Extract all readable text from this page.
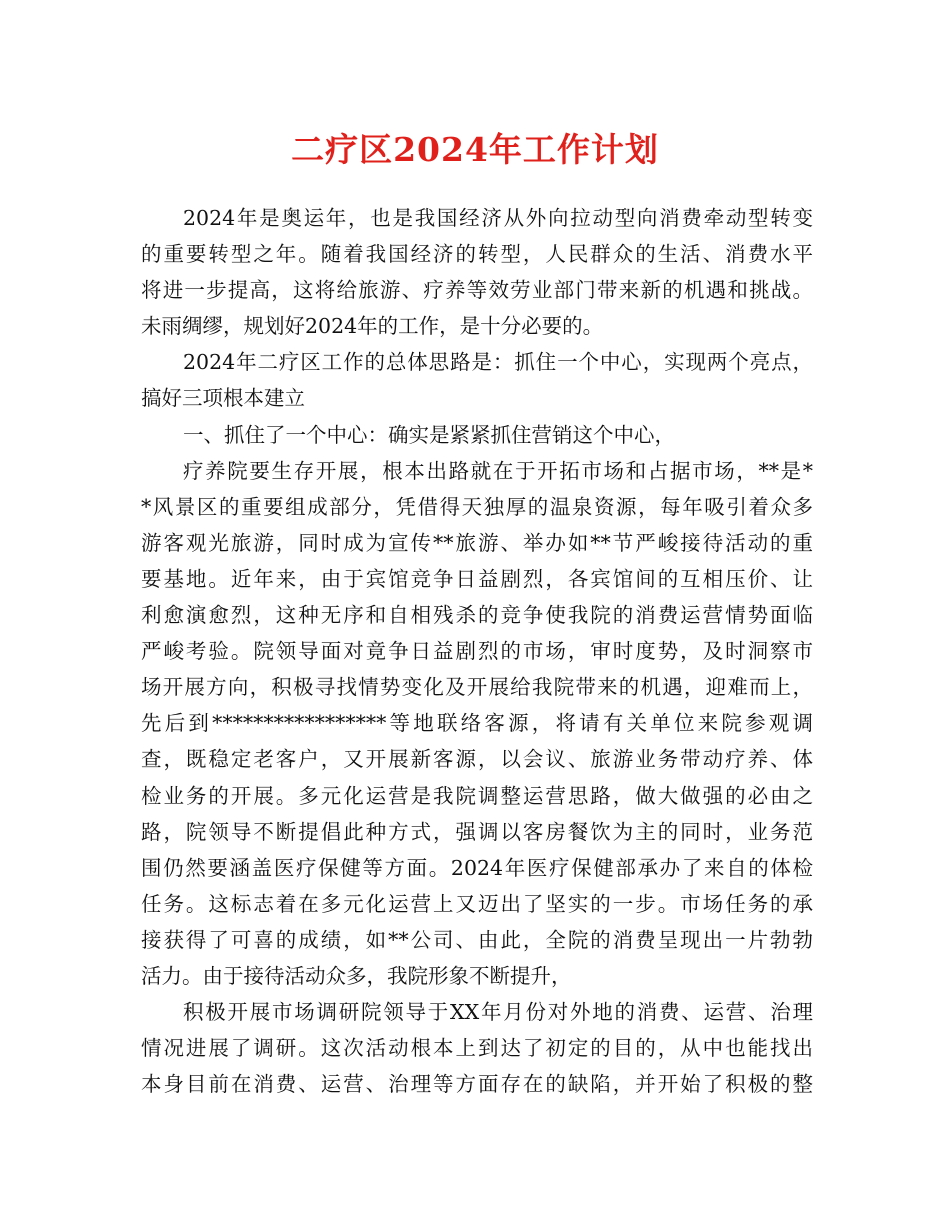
二疗区2024年工作计划
2024年是奥运年，也是我国经济从外向拉动型向消费牵动型转变
的重要转型之年。随着我国经济的转型，人民群众的生活、消费水平
将进一步提高，这将给旅游、疗养等效劳业部门带来新的机遇和挑战。
未雨绸缪，规划好2024年的工作，是十分必要的。
2024年二疗区工作的总体思路是：抓住一个中心，实现两个亮点，
搞好三项根本建立
一、抓住了一个中心：确实是紧紧抓住营销这个中心，
疗养院要生存开展，根本出路就在于开拓市场和占据市场，**是*
*风景区的重要组成部分，凭借得天独厚的温泉资源，每年吸引着众多
游客观光旅游，同时成为宣传**旅游、举办如**节严峻接待活动的重
要基地。近年来，由于宾馆竞争日益剧烈，各宾馆间的互相压价、让
利愈演愈烈，这种无序和自相残杀的竞争使我院的消费运营情势面临
严峻考验。院领导面对竟争日益剧烈的市场，审时度势，及时洞察市
场开展方向，积极寻找情势变化及开展给我院带来的机遇，迎难而上，
先后到*****************等地联络客源，将请有关单位来院参观调
查，既稳定老客户，又开展新客源，以会议、旅游业务带动疗养、体
检业务的开展。多元化运营是我院调整运营思路，做大做强的必由之
路，院领导不断提倡此种方式，强调以客房餐饮为主的同时，业务范
围仍然要涵盖医疗保健等方面。2024年医疗保健部承办了来自的体检
任务。这标志着在多元化运营上又迈出了坚实的一步。市场任务的承
接获得了可喜的成绩，如**公司、由此，全院的消费呈现出一片勃勃
活力。由于接待活动众多，我院形象不断提升，
积极开展市场调研院领导于XX年月份对外地的消费、运营、治理
情况进展了调研。这次活动根本上到达了初定的目的，从中也能找出
本身目前在消费、运营、治理等方面存在的缺陷，并开始了积极的整
